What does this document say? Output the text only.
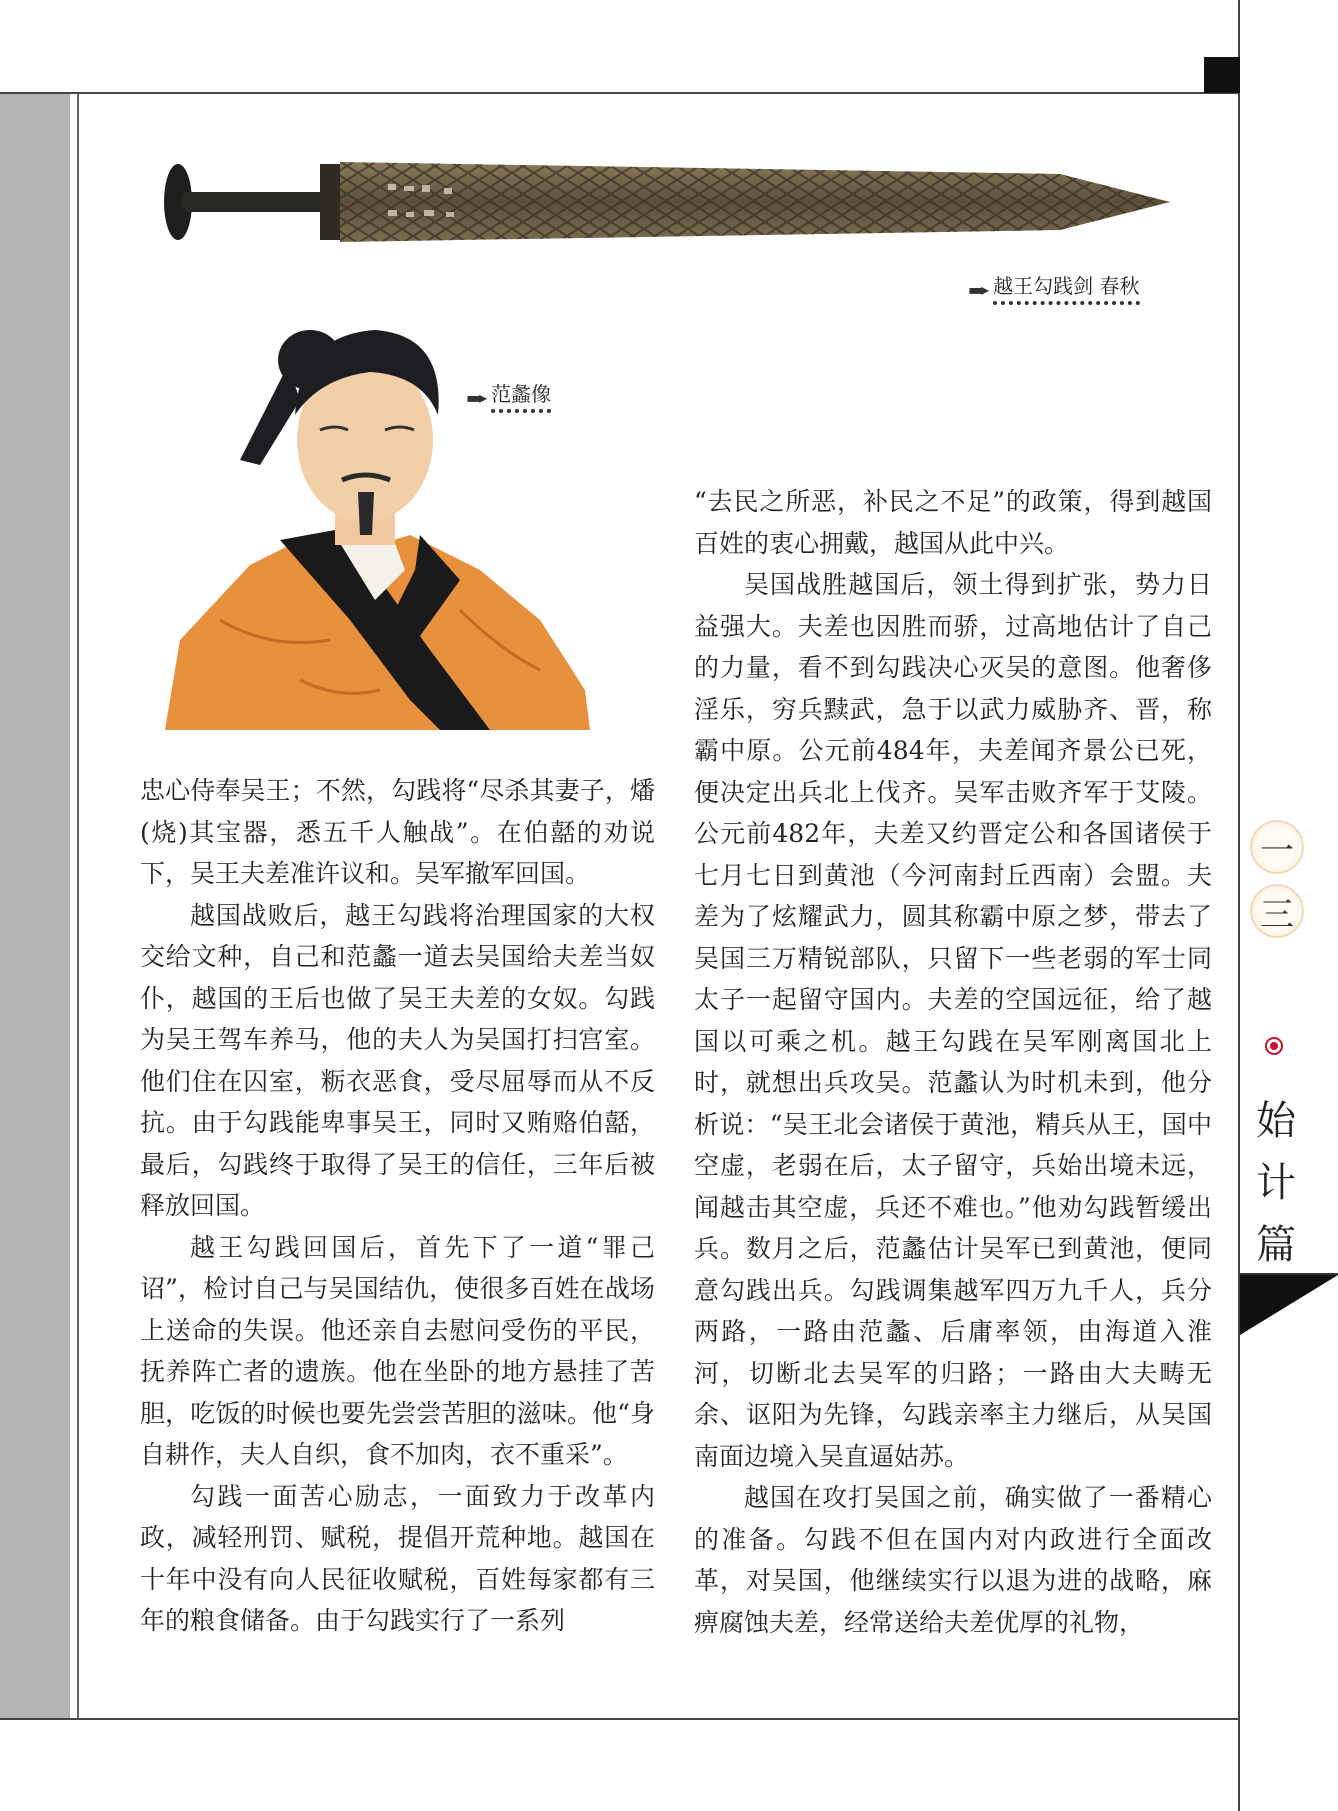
▬▸ 越王勾践剑 春秋
▬▸ 范蠡像

忠心侍奉吴王；不然，勾践将“尽杀其妻子，燔(烧)其宝器，悉五千人触战”。在伯嚭的劝说下，吴王夫差准许议和。吴军撤军回国。

越国战败后，越王勾践将治理国家的大权交给文种，自己和范蠡一道去吴国给夫差当奴仆，越国的王后也做了吴王夫差的女奴。勾践为吴王驾车养马，他的夫人为吴国打扫宫室。他们住在囚室，粝衣恶食，受尽屈辱而从不反抗。由于勾践能卑事吴王，同时又贿赂伯嚭，最后，勾践终于取得了吴王的信任，三年后被释放回国。

越王勾践回国后，首先下了一道“罪己诏”，检讨自己与吴国结仇，使很多百姓在战场上送命的失误。他还亲自去慰问受伤的平民，抚养阵亡者的遗族。他在坐卧的地方悬挂了苦胆，吃饭的时候也要先尝尝苦胆的滋味。他“身自耕作，夫人自织，食不加肉，衣不重采”。

勾践一面苦心励志，一面致力于改革内政，减轻刑罚、赋税，提倡开荒种地。越国在十年中没有向人民征收赋税，百姓每家都有三年的粮食储备。由于勾践实行了一系列

“去民之所恶，补民之不足”的政策，得到越国百姓的衷心拥戴，越国从此中兴。

吴国战胜越国后，领土得到扩张，势力日益强大。夫差也因胜而骄，过高地估计了自己的力量，看不到勾践决心灭吴的意图。他奢侈淫乐，穷兵黩武，急于以武力威胁齐、晋，称霸中原。公元前484年，夫差闻齐景公已死，便决定出兵北上伐齐。吴军击败齐军于艾陵。公元前482年，夫差又约晋定公和各国诸侯于七月七日到黄池（今河南封丘西南）会盟。夫差为了炫耀武力，圆其称霸中原之梦，带去了吴国三万精锐部队，只留下一些老弱的军士同太子一起留守国内。夫差的空国远征，给了越国以可乘之机。越王勾践在吴军刚离国北上时，就想出兵攻吴。范蠡认为时机未到，他分析说：“吴王北会诸侯于黄池，精兵从王，国中空虚，老弱在后，太子留守，兵始出境未远，闻越击其空虚，兵还不难也。”他劝勾践暂缓出兵。数月之后，范蠡估计吴军已到黄池，便同意勾践出兵。勾践调集越军四万九千人，兵分两路，一路由范蠡、后庸率领，由海道入淮河，切断北去吴军的归路；一路由大夫畴无余、讴阳为先锋，勾践亲率主力继后，从吴国南面边境入吴直逼姑苏。

越国在攻打吴国之前，确实做了一番精心的准备。勾践不但在国内对内政进行全面改革，对吴国，他继续实行以退为进的战略，麻痹腐蚀夫差，经常送给夫差优厚的礼物，

一
三
始
计
篇
